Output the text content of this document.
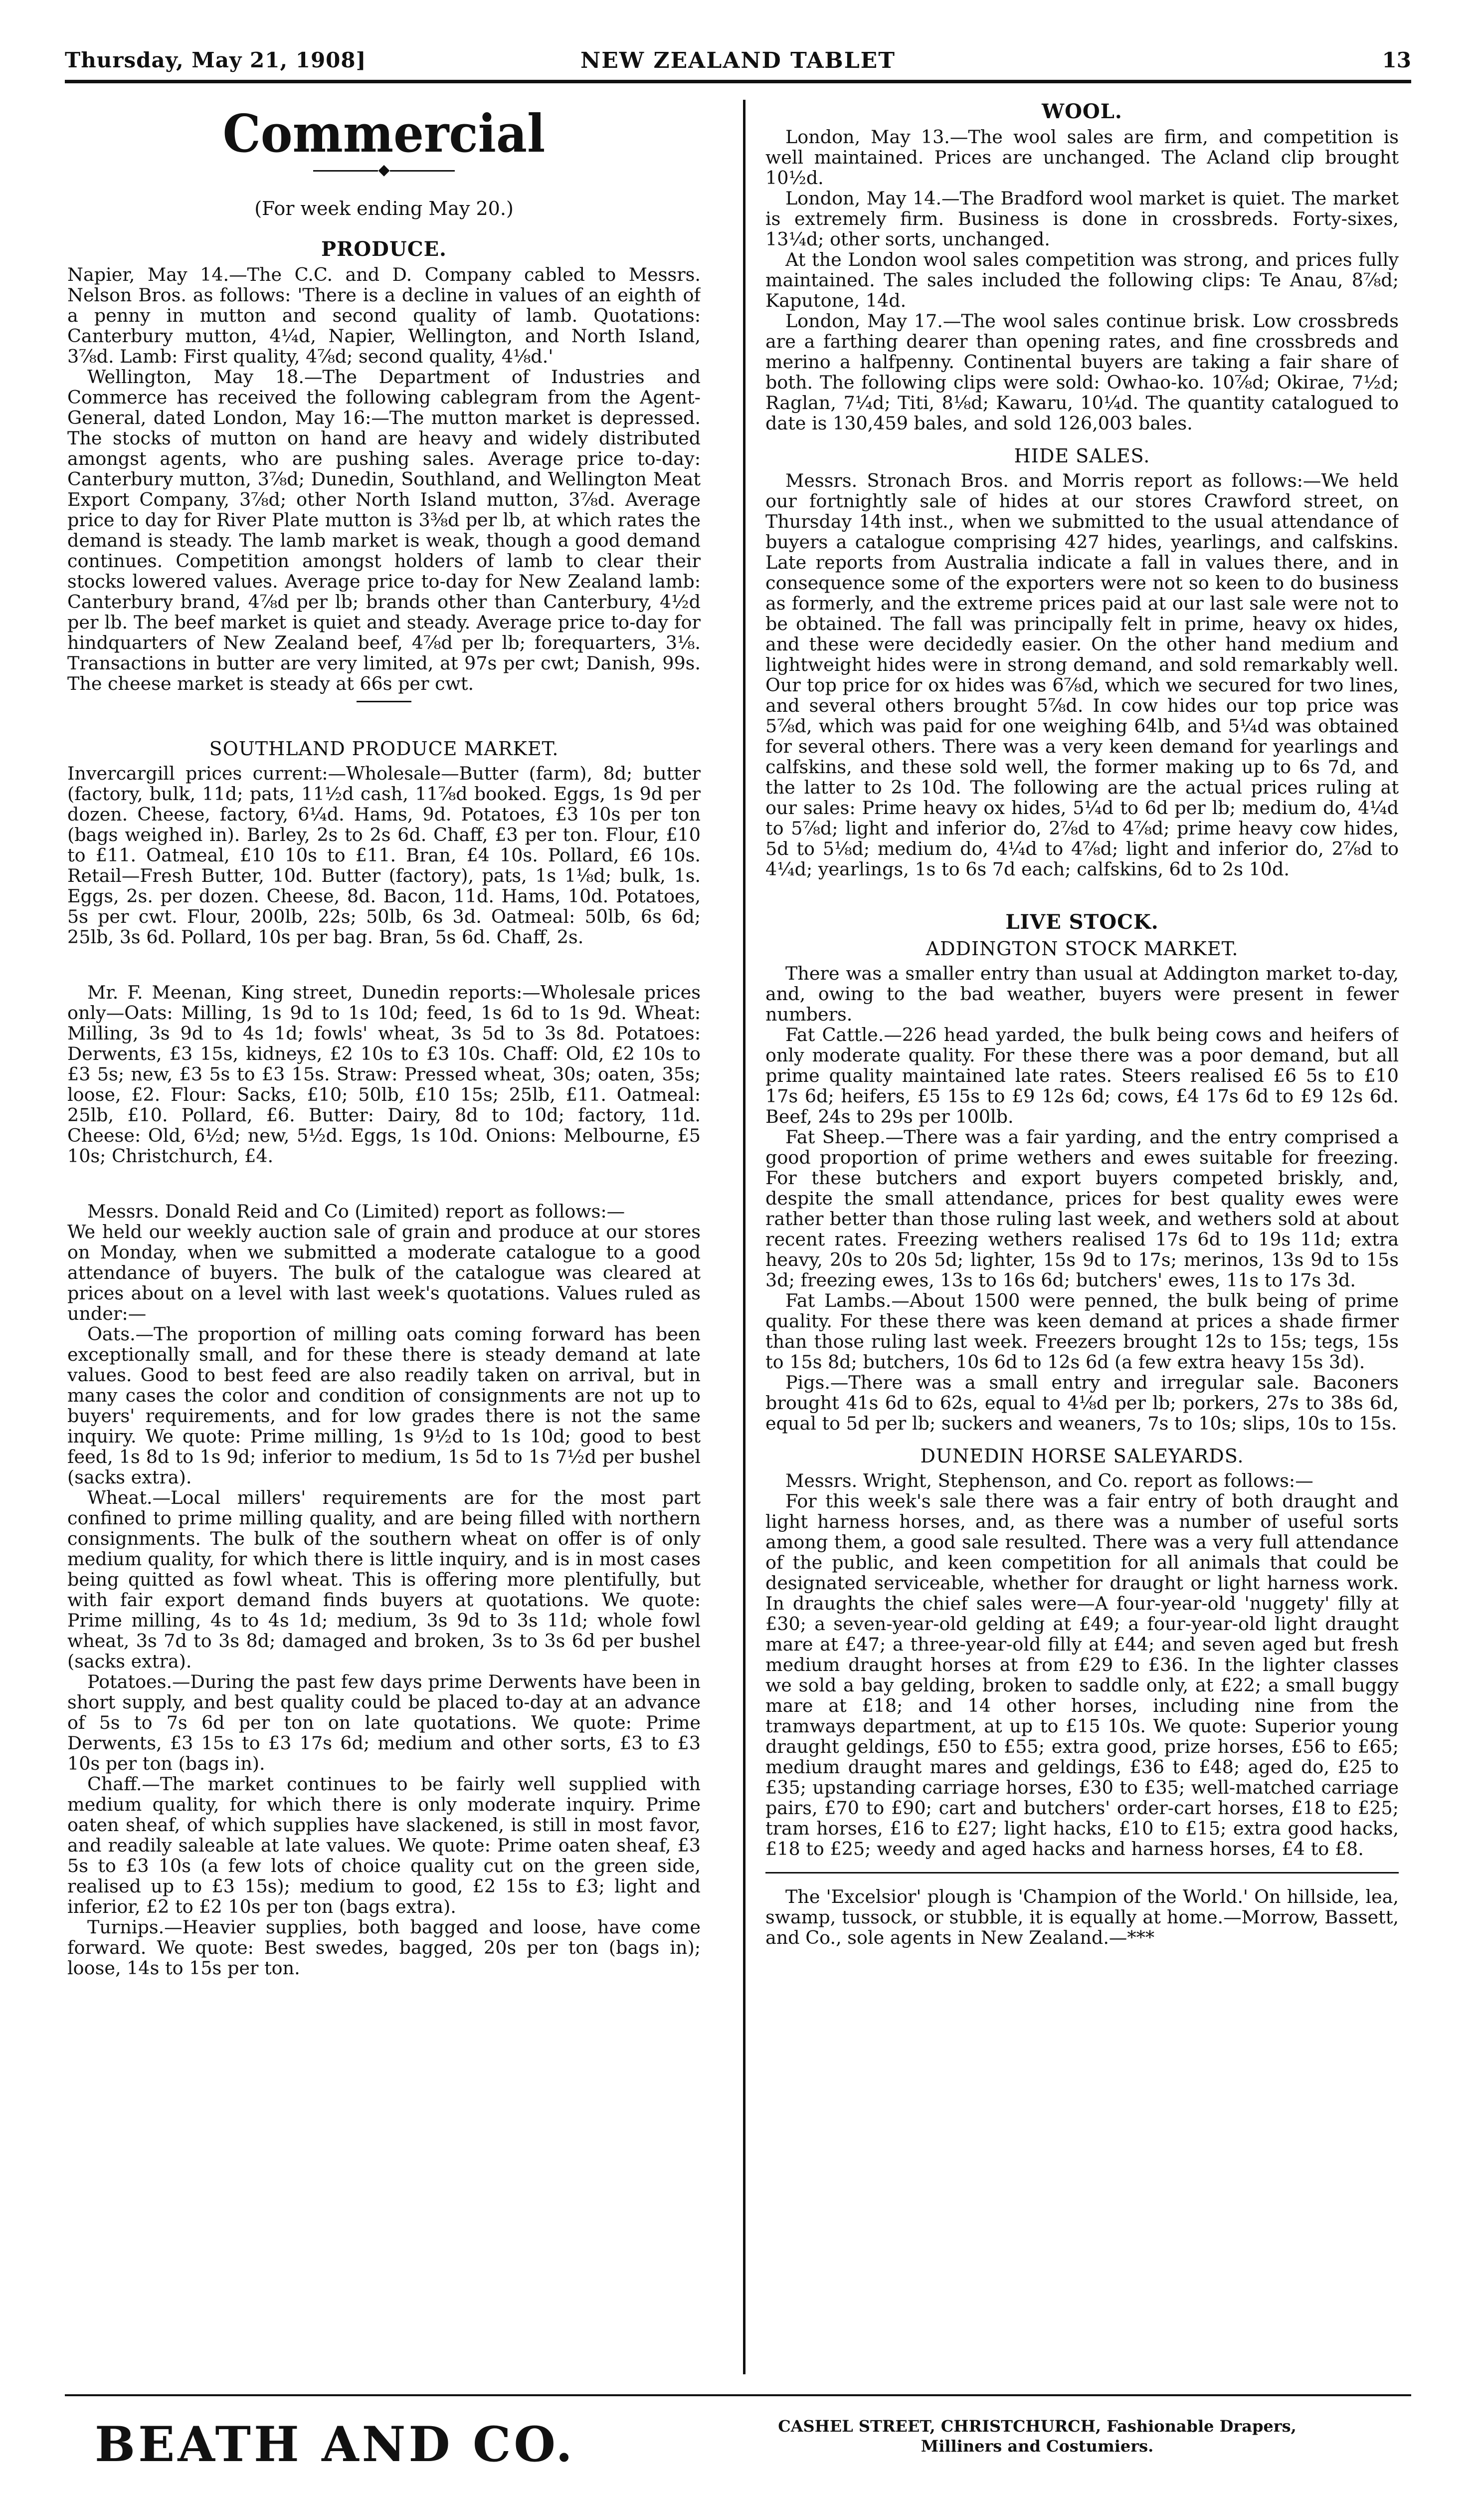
Thursday, May 21, 1908]	NEW ZEALAND TABLET	13
Commercial
◆
(For week ending May 20.)
PRODUCE.

Napier, May 14.—The C.C. and D. Company cabled to Messrs. Nelson Bros. as follows: 'There is a decline in values of an eighth of a penny in mutton and second quality of lamb. Quotations: Canterbury mutton, 4¼d, Napier, Wellington, and North Island, 3⅞d. Lamb: First quality, 4⅞d; second quality, 4⅛d.'

Wellington, May 18.—The Department of Industries and Commerce has received the following cablegram from the Agent-General, dated London, May 16:—The mutton market is depressed. The stocks of mutton on hand are heavy and widely distributed amongst agents, who are pushing sales. Average price to-day: Canterbury mutton, 3⅞d; Dunedin, Southland, and Wellington Meat Export Company, 3⅞d; other North Island mutton, 3⅞d. Average price to day for River Plate mutton is 3⅜d per lb, at which rates the demand is steady. The lamb market is weak, though a good demand continues. Competition amongst holders of lamb to clear their stocks lowered values. Average price to-day for New Zealand lamb: Canterbury brand, 4⅞d per lb; brands other than Canterbury, 4½d per lb. The beef market is quiet and steady. Average price to-day for hindquarters of New Zealand beef, 4⅞d per lb; forequarters, 3⅛. Transactions in butter are very limited, at 97s per cwt; Danish, 99s. The cheese market is steady at 66s per cwt.

SOUTHLAND PRODUCE MARKET.

Invercargill prices current:—Wholesale—Butter (farm), 8d; butter (factory, bulk, 11d; pats, 11½d cash, 11⅞d booked. Eggs, 1s 9d per dozen. Cheese, factory, 6¼d. Hams, 9d. Potatoes, £3 10s per ton (bags weighed in). Barley, 2s to 2s 6d. Chaff, £3 per ton. Flour, £10 to £11. Oatmeal, £10 10s to £11. Bran, £4 10s. Pollard, £6 10s. Retail—Fresh Butter, 10d. Butter (factory), pats, 1s 1⅛d; bulk, 1s. Eggs, 2s. per dozen. Cheese, 8d. Bacon, 11d. Hams, 10d. Potatoes, 5s per cwt. Flour, 200lb, 22s; 50lb, 6s 3d. Oatmeal: 50lb, 6s 6d; 25lb, 3s 6d. Pollard, 10s per bag. Bran, 5s 6d. Chaff, 2s.

Mr. F. Meenan, King street, Dunedin reports:—Wholesale prices only—Oats: Milling, 1s 9d to 1s 10d; feed, 1s 6d to 1s 9d. Wheat: Milling, 3s 9d to 4s 1d; fowls' wheat, 3s 5d to 3s 8d. Potatoes: Derwents, £3 15s, kidneys, £2 10s to £3 10s. Chaff: Old, £2 10s to £3 5s; new, £3 5s to £3 15s. Straw: Pressed wheat, 30s; oaten, 35s; loose, £2. Flour: Sacks, £10; 50lb, £10 15s; 25lb, £11. Oatmeal: 25lb, £10. Pollard, £6. Butter: Dairy, 8d to 10d; factory, 11d. Cheese: Old, 6½d; new, 5½d. Eggs, 1s 10d. Onions: Melbourne, £5 10s; Christchurch, £4.

Messrs. Donald Reid and Co (Limited) report as follows:—

We held our weekly auction sale of grain and produce at our stores on Monday, when we submitted a moderate catalogue to a good attendance of buyers. The bulk of the catalogue was cleared at prices about on a level with last week's quotations. Values ruled as under:—

Oats.—The proportion of milling oats coming forward has been exceptionally small, and for these there is steady demand at late values. Good to best feed are also readily taken on arrival, but in many cases the color and condition of consignments are not up to buyers' requirements, and for low grades there is not the same inquiry. We quote: Prime milling, 1s 9½d to 1s 10d; good to best feed, 1s 8d to 1s 9d; inferior to medium, 1s 5d to 1s 7½d per bushel (sacks extra).

Wheat.—Local millers' requirements are for the most part confined to prime milling quality, and are being filled with northern consignments. The bulk of the southern wheat on offer is of only medium quality, for which there is little inquiry, and is in most cases being quitted as fowl wheat. This is offering more plentifully, but with fair export demand finds buyers at quotations. We quote: Prime milling, 4s to 4s 1d; medium, 3s 9d to 3s 11d; whole fowl wheat, 3s 7d to 3s 8d; damaged and broken, 3s to 3s 6d per bushel (sacks extra).

Potatoes.—During the past few days prime Derwents have been in short supply, and best quality could be placed to-day at an advance of 5s to 7s 6d per ton on late quotations. We quote: Prime Derwents, £3 15s to £3 17s 6d; medium and other sorts, £3 to £3 10s per ton (bags in).

Chaff.—The market continues to be fairly well supplied with medium quality, for which there is only moderate inquiry. Prime oaten sheaf, of which supplies have slackened, is still in most favor, and readily saleable at late values. We quote: Prime oaten sheaf, £3 5s to £3 10s (a few lots of choice quality cut on the green side, realised up to £3 15s); medium to good, £2 15s to £3; light and inferior, £2 to £2 10s per ton (bags extra).

Turnips.—Heavier supplies, both bagged and loose, have come forward. We quote: Best swedes, bagged, 20s per ton (bags in); loose, 14s to 15s per ton.

WOOL.

London, May 13.—The wool sales are firm, and competition is well maintained. Prices are unchanged. The Acland clip brought 10½d.

London, May 14.—The Bradford wool market is quiet. The market is extremely firm. Business is done in crossbreds. Forty-sixes, 13¼d; other sorts, unchanged.

At the London wool sales competition was strong, and prices fully maintained. The sales included the following clips: Te Anau, 8⅞d; Kaputone, 14d.

London, May 17.—The wool sales continue brisk. Low crossbreds are a farthing dearer than opening rates, and fine crossbreds and merino a halfpenny. Continental buyers are taking a fair share of both. The following clips were sold: Owhao-ko. 10⅞d; Okirae, 7½d; Raglan, 7¼d; Titi, 8⅛d; Kawaru, 10¼d. The quantity catalogued to date is 130,459 bales, and sold 126,003 bales.

HIDE SALES.

Messrs. Stronach Bros. and Morris report as follows:—We held our fortnightly sale of hides at our stores Crawford street, on Thursday 14th inst., when we submitted to the usual attendance of buyers a catalogue comprising 427 hides, yearlings, and calfskins. Late reports from Australia indicate a fall in values there, and in consequence some of the exporters were not so keen to do business as formerly, and the extreme prices paid at our last sale were not to be obtained. The fall was principally felt in prime, heavy ox hides, and these were decidedly easier. On the other hand medium and lightweight hides were in strong demand, and sold remarkably well. Our top price for ox hides was 6⅞d, which we secured for two lines, and several others brought 5⅞d. In cow hides our top price was 5⅞d, which was paid for one weighing 64lb, and 5¼d was obtained for several others. There was a very keen demand for yearlings and calfskins, and these sold well, the former making up to 6s 7d, and the latter to 2s 10d. The following are the actual prices ruling at our sales: Prime heavy ox hides, 5¼d to 6d per lb; medium do, 4¼d to 5⅞d; light and inferior do, 2⅞d to 4⅞d; prime heavy cow hides, 5d to 5⅛d; medium do, 4¼d to 4⅞d; light and inferior do, 2⅞d to 4¼d; yearlings, 1s to 6s 7d each; calfskins, 6d to 2s 10d.

LIVE STOCK.
ADDINGTON STOCK MARKET.

There was a smaller entry than usual at Addington market to-day, and, owing to the bad weather, buyers were present in fewer numbers.

Fat Cattle.—226 head yarded, the bulk being cows and heifers of only moderate quality. For these there was a poor demand, but all prime quality maintained late rates. Steers realised £6 5s to £10 17s 6d; heifers, £5 15s to £9 12s 6d; cows, £4 17s 6d to £9 12s 6d. Beef, 24s to 29s per 100lb.

Fat Sheep.—There was a fair yarding, and the entry comprised a good proportion of prime wethers and ewes suitable for freezing. For these butchers and export buyers competed briskly, and, despite the small attendance, prices for best quality ewes were rather better than those ruling last week, and wethers sold at about recent rates. Freezing wethers realised 17s 6d to 19s 11d; extra heavy, 20s to 20s 5d; lighter, 15s 9d to 17s; merinos, 13s 9d to 15s 3d; freezing ewes, 13s to 16s 6d; butchers' ewes, 11s to 17s 3d.

Fat Lambs.—About 1500 were penned, the bulk being of prime quality. For these there was keen demand at prices a shade firmer than those ruling last week. Freezers brought 12s to 15s; tegs, 15s to 15s 8d; butchers, 10s 6d to 12s 6d (a few extra heavy 15s 3d).

Pigs.—There was a small entry and irregular sale. Baconers brought 41s 6d to 62s, equal to 4⅛d per lb; porkers, 27s to 38s 6d, equal to 5d per lb; suckers and weaners, 7s to 10s; slips, 10s to 15s.

DUNEDIN HORSE SALEYARDS.

Messrs. Wright, Stephenson, and Co. report as follows:—

For this week's sale there was a fair entry of both draught and light harness horses, and, as there was a number of useful sorts among them, a good sale resulted. There was a very full attendance of the public, and keen competition for all animals that could be designated serviceable, whether for draught or light harness work. In draughts the chief sales were—A four-year-old 'nuggety' filly at £30; a seven-year-old gelding at £49; a four-year-old light draught mare at £47; a three-year-old filly at £44; and seven aged but fresh medium draught horses at from £29 to £36. In the lighter classes we sold a bay gelding, broken to saddle only, at £22; a small buggy mare at £18; and 14 other horses, including nine from the tramways department, at up to £15 10s. We quote: Superior young draught geldings, £50 to £55; extra good, prize horses, £56 to £65; medium draught mares and geldings, £36 to £48; aged do, £25 to £35; upstanding carriage horses, £30 to £35; well-matched carriage pairs, £70 to £90; cart and butchers' order-cart horses, £18 to £25; tram horses, £16 to £27; light hacks, £10 to £15; extra good hacks, £18 to £25; weedy and aged hacks and harness horses, £4 to £8.

The 'Excelsior' plough is 'Champion of the World.' On hillside, lea, swamp, tussock, or stubble, it is equally at home.—Morrow, Bassett, and Co., sole agents in New Zealand.—***

BEATH AND CO.	CASHEL STREET, CHRISTCHURCH, Fashionable Drapers,
Milliners and Costumiers.
